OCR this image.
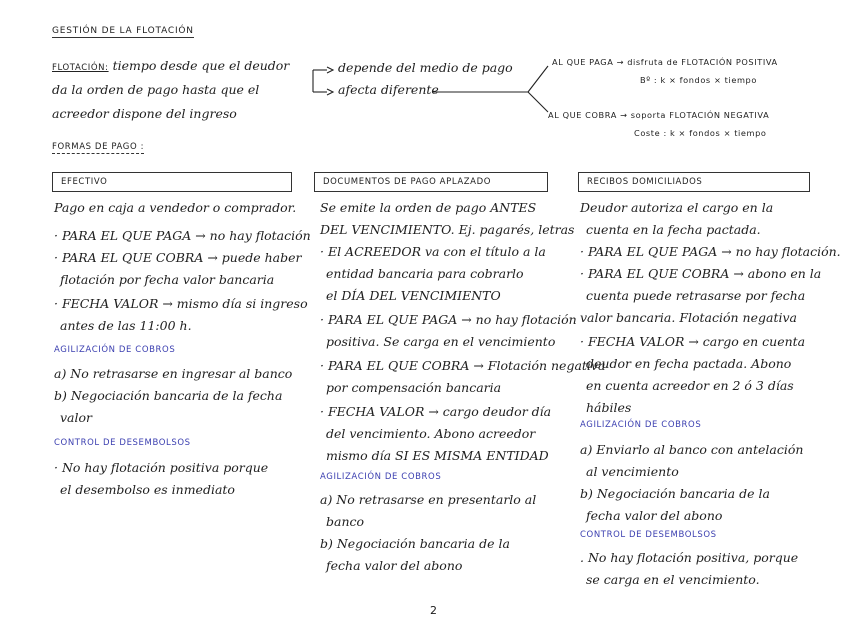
GESTIÓN DE LA FLOTACIÓN
FLOTACIÓN: tiempo desde que el deudor
da la orden de pago hasta que el
acreedor dispone del ingreso
depende del medio de pago
afecta diferente
AL QUE PAGA → disfruta de FLOTACIÓN POSITIVA
Bº : k × fondos × tiempo
AL QUE COBRA → soporta FLOTACIÓN NEGATIVA
Coste : k × fondos × tiempo
FORMAS DE PAGO :
EFECTIVO	DOCUMENTOS DE PAGO APLAZADO	RECIBOS DOMICILIADOS
Pago en caja a vendedor o comprador.
· PARA EL QUE PAGA → no hay flotación
· PARA EL QUE COBRA → puede haber
flotación por fecha valor bancaria
· FECHA VALOR → mismo día si ingreso
antes de las 11:00 h.
AGILIZACIÓN DE COBROS
a) No retrasarse en ingresar al banco
b) Negociación bancaria de la fecha
valor
CONTROL DE DESEMBOLSOS
· No hay flotación positiva porque
el desembolso es inmediato
Se emite la orden de pago ANTES
DEL VENCIMIENTO. Ej. pagarés, letras
· El ACREEDOR va con el título a la
entidad bancaria para cobrarlo
el DÍA DEL VENCIMIENTO
· PARA EL QUE PAGA → no hay flotación
positiva. Se carga en el vencimiento
· PARA EL QUE COBRA → Flotación negativa
por compensación bancaria
· FECHA VALOR → cargo deudor día
del vencimiento. Abono acreedor
mismo día SI ES MISMA ENTIDAD
AGILIZACIÓN DE COBROS
a) No retrasarse en presentarlo al
banco
b) Negociación bancaria de la
fecha valor del abono
Deudor autoriza el cargo en la
cuenta en la fecha pactada.
· PARA EL QUE PAGA → no hay flotación.
· PARA EL QUE COBRA → abono en la
cuenta puede retrasarse por fecha
valor bancaria. Flotación negativa
· FECHA VALOR → cargo en cuenta
deudor en fecha pactada. Abono
en cuenta acreedor en 2 ó 3 días
hábiles
AGILIZACIÓN DE COBROS
a) Enviarlo al banco con antelación
al vencimiento
b) Negociación bancaria de la
fecha valor del abono
CONTROL DE DESEMBOLSOS
. No hay flotación positiva, porque
se carga en el vencimiento.
2
